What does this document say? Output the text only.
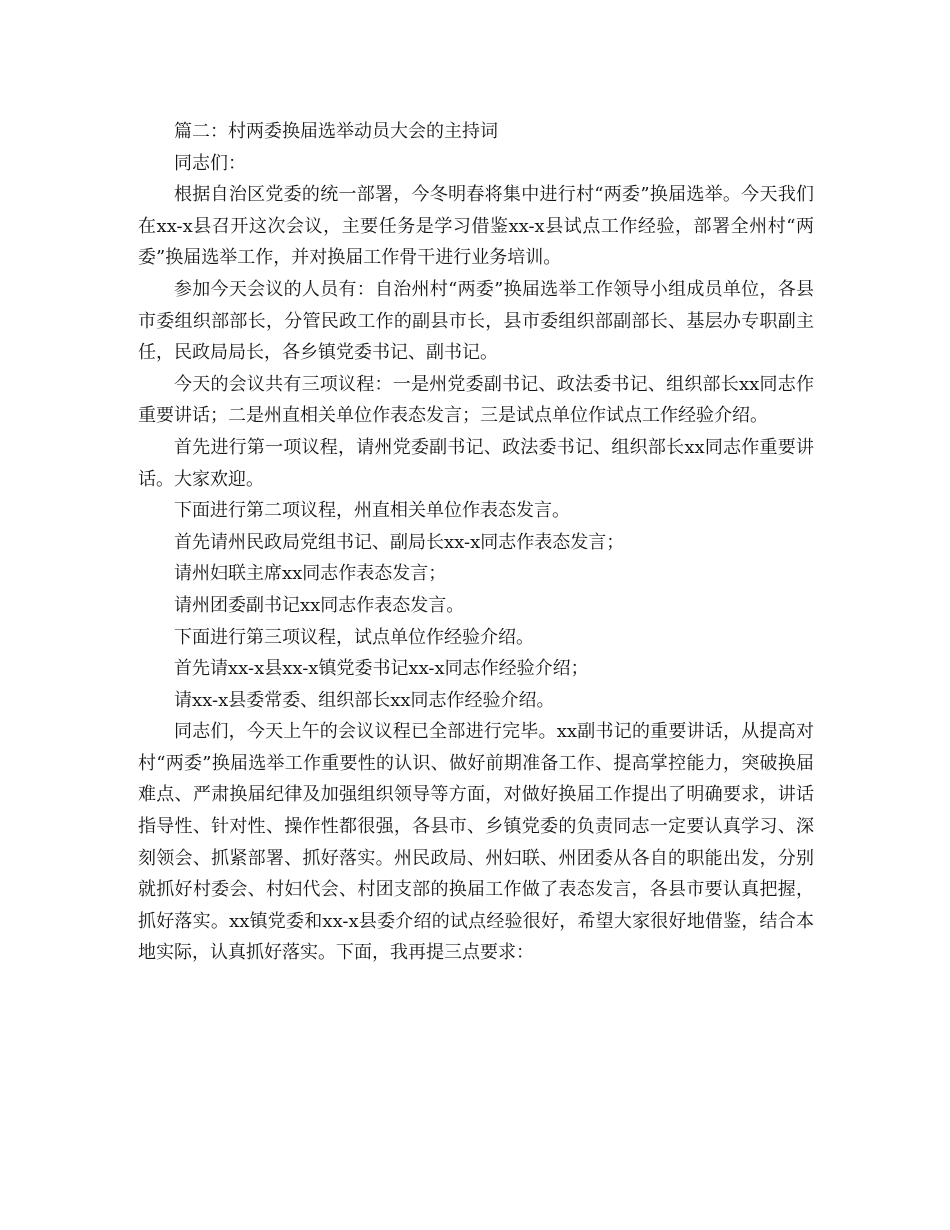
篇二：村两委换届选举动员大会的主持词

同志们：

根据自治区党委的统一部署，今冬明春将集中进行村“两委”换届选举。今天我们在xx-x县召开这次会议，主要任务是学习借鉴xx-x县试点工作经验，部署全州村“两委”换届选举工作，并对换届工作骨干进行业务培训。

参加今天会议的人员有：自治州村“两委”换届选举工作领导小组成员单位，各县市委组织部部长，分管民政工作的副县市长，县市委组织部副部长、基层办专职副主任，民政局局长，各乡镇党委书记、副书记。

今天的会议共有三项议程：一是州党委副书记、政法委书记、组织部长xx同志作重要讲话；二是州直相关单位作表态发言；三是试点单位作试点工作经验介绍。

首先进行第一项议程，请州党委副书记、政法委书记、组织部长xx同志作重要讲话。大家欢迎。

下面进行第二项议程，州直相关单位作表态发言。

首先请州民政局党组书记、副局长xx-x同志作表态发言；

请州妇联主席xx同志作表态发言；

请州团委副书记xx同志作表态发言。

下面进行第三项议程，试点单位作经验介绍。

首先请xx-x县xx-x镇党委书记xx-x同志作经验介绍；

请xx-x县委常委、组织部长xx同志作经验介绍。

同志们，今天上午的会议议程已全部进行完毕。xx副书记的重要讲话，从提高对村“两委”换届选举工作重要性的认识、做好前期准备工作、提高掌控能力，突破换届难点、严肃换届纪律及加强组织领导等方面，对做好换届工作提出了明确要求，讲话指导性、针对性、操作性都很强，各县市、乡镇党委的负责同志一定要认真学习、深刻领会、抓紧部署、抓好落实。州民政局、州妇联、州团委从各自的职能出发，分别就抓好村委会、村妇代会、村团支部的换届工作做了表态发言，各县市要认真把握，抓好落实。xx镇党委和xx-x县委介绍的试点经验很好，希望大家很好地借鉴，结合本地实际，认真抓好落实。下面，我再提三点要求：
